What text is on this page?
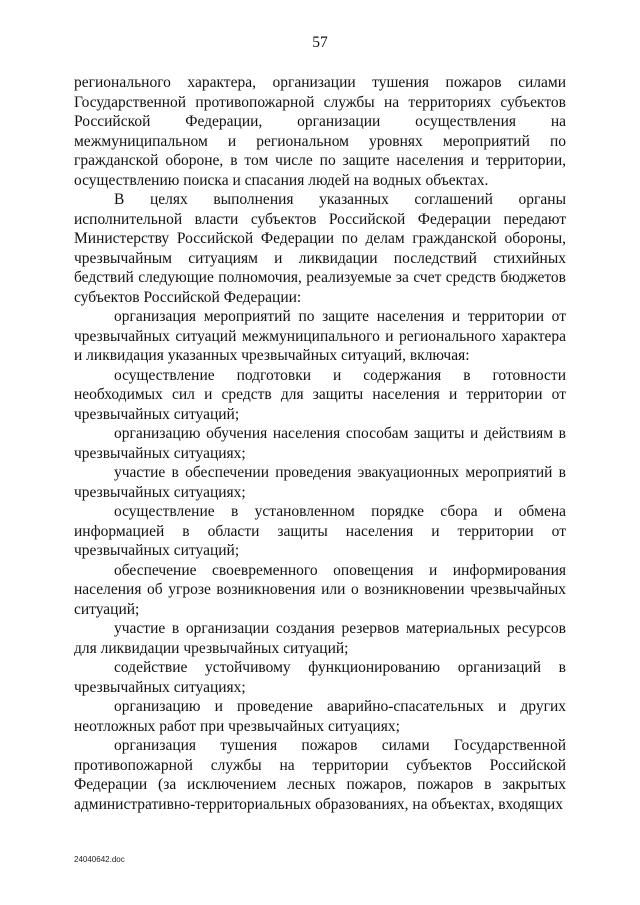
57

регионального характера, организации тушения пожаров силами Государственной противопожарной службы на территориях субъектов Российской Федерации, организации осуществления на межмуниципальном и региональном уровнях мероприятий по гражданской обороне, в том числе по защите населения и территории, осуществлению поиска и спасания людей на водных объектах.

В целях выполнения указанных соглашений органы исполнительной власти субъектов Российской Федерации передают Министерству Российской Федерации по делам гражданской обороны, чрезвычайным ситуациям и ликвидации последствий стихийных бедствий следующие полномочия, реализуемые за счет средств бюджетов субъектов Российской Федерации:

организация мероприятий по защите населения и территории от чрезвычайных ситуаций межмуниципального и регионального характера и ликвидация указанных чрезвычайных ситуаций, включая:

осуществление подготовки и содержания в готовности необходимых сил и средств для защиты населения и территории от чрезвычайных ситуаций;

организацию обучения населения способам защиты и действиям в чрезвычайных ситуациях;

участие в обеспечении проведения эвакуационных мероприятий в чрезвычайных ситуациях;

осуществление в установленном порядке сбора и обмена информацией в области защиты населения и территории от чрезвычайных ситуаций;

обеспечение своевременного оповещения и информирования населения об угрозе возникновения или о возникновении чрезвычайных ситуаций;

участие в организации создания резервов материальных ресурсов для ликвидации чрезвычайных ситуаций;

содействие устойчивому функционированию организаций в чрезвычайных ситуациях;

организацию и проведение аварийно-спасательных и других неотложных работ при чрезвычайных ситуациях;

организация тушения пожаров силами Государственной противопожарной службы на территории субъектов Российской Федерации (за исключением лесных пожаров, пожаров в закрытых административно-территориальных образованиях, на объектах, входящих

24040642.doc
